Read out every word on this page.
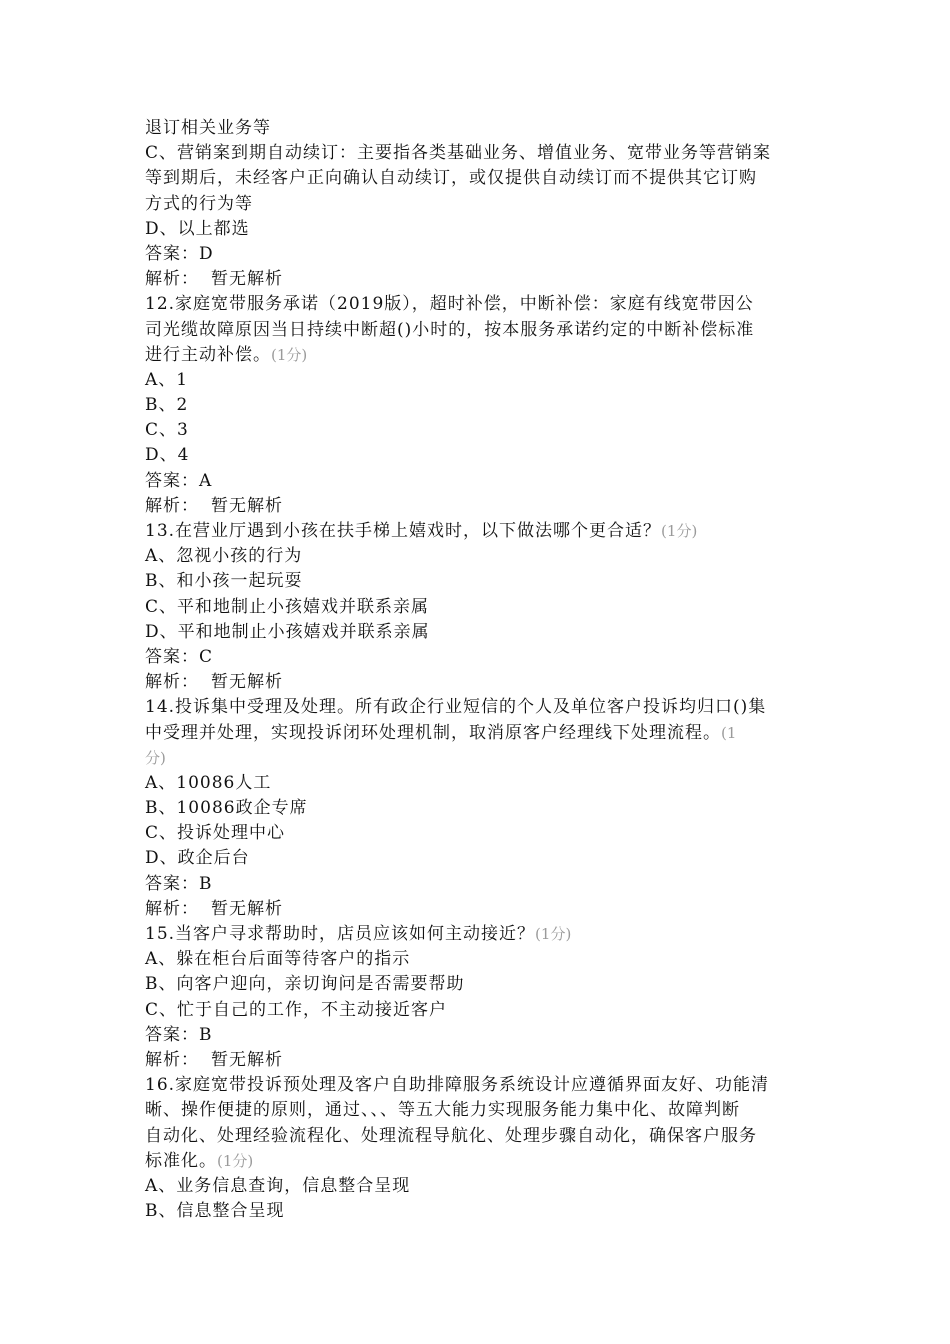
退订相关业务等
C、营销案到期自动续订：主要指各类基础业务、增值业务、宽带业务等营销案
等到期后，未经客户正向确认自动续订，或仅提供自动续订而不提供其它订购
方式的行为等
D、以上都选
答案：D
解析： 暂无解析
12.家庭宽带服务承诺（2019版），超时补偿，中断补偿：家庭有线宽带因公
司光缆故障原因当日持续中断超()小时的，按本服务承诺约定的中断补偿标准
进行主动补偿。(1分)
A、1
B、2
C、3
D、4
答案：A
解析： 暂无解析
13.在营业厅遇到小孩在扶手梯上嬉戏时，以下做法哪个更合适？(1分)
A、忽视小孩的行为
B、和小孩一起玩耍
C、平和地制止小孩嬉戏并联系亲属
D、平和地制止小孩嬉戏并联系亲属
答案：C
解析： 暂无解析
14.投诉集中受理及处理。所有政企行业短信的个人及单位客户投诉均归口()集
中受理并处理，实现投诉闭环处理机制，取消原客户经理线下处理流程。(1
分)
A、10086人工
B、10086政企专席
C、投诉处理中心
D、政企后台
答案：B
解析： 暂无解析
15.当客户寻求帮助时，店员应该如何主动接近？(1分)
A、躲在柜台后面等待客户的指示
B、向客户迎向，亲切询问是否需要帮助
C、忙于自己的工作，不主动接近客户
答案：B
解析： 暂无解析
16.家庭宽带投诉预处理及客户自助排障服务系统设计应遵循界面友好、功能清
晰、操作便捷的原则，通过、、、等五大能力实现服务能力集中化、故障判断
自动化、处理经验流程化、处理流程导航化、处理步骤自动化，确保客户服务
标准化。(1分)
A、业务信息查询，信息整合呈现
B、信息整合呈现
